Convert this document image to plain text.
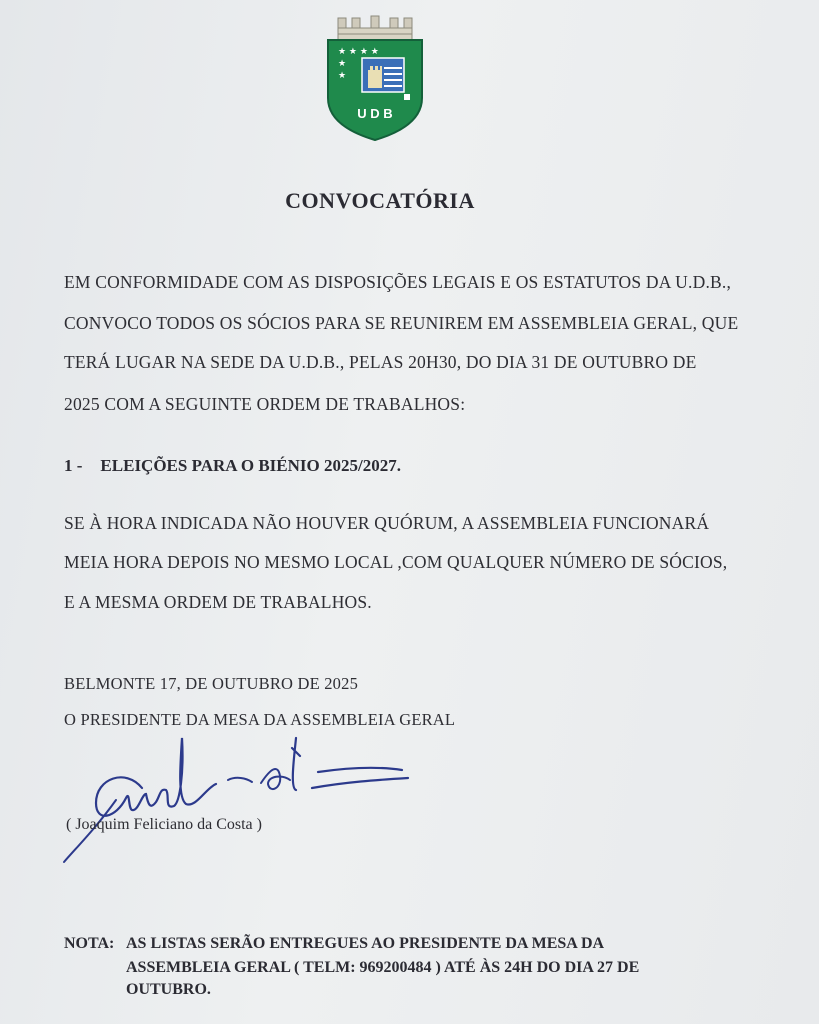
★ ★ ★ ★
★
★
U D B
CONVOCATÓRIA
EM CONFORMIDADE COM AS DISPOSIÇÕES LEGAIS E OS ESTATUTOS DA U.D.B.,
CONVOCO TODOS OS SÓCIOS PARA SE REUNIREM EM ASSEMBLEIA GERAL, QUE
TERÁ LUGAR NA SEDE DA U.D.B., PELAS 20H30, DO DIA 31 DE OUTUBRO DE
2025 COM A SEGUINTE ORDEM DE TRABALHOS:
1 - ELEIÇÕES PARA O BIÉNIO 2025/2027.
SE À HORA INDICADA NÃO HOUVER QUÓRUM, A ASSEMBLEIA FUNCIONARÁ
MEIA HORA DEPOIS NO MESMO LOCAL ,COM QUALQUER NÚMERO DE SÓCIOS,
E A MESMA ORDEM DE TRABALHOS.
BELMONTE 17, DE OUTUBRO DE 2025
O PRESIDENTE DA MESA DA ASSEMBLEIA GERAL
( Joaquim Feliciano da Costa )
NOTA: AS LISTAS SERÃO ENTREGUES AO PRESIDENTE DA MESA DA
ASSEMBLEIA GERAL ( TELM: 969200484 ) ATÉ ÀS 24H DO DIA 27 DE
OUTUBRO.
